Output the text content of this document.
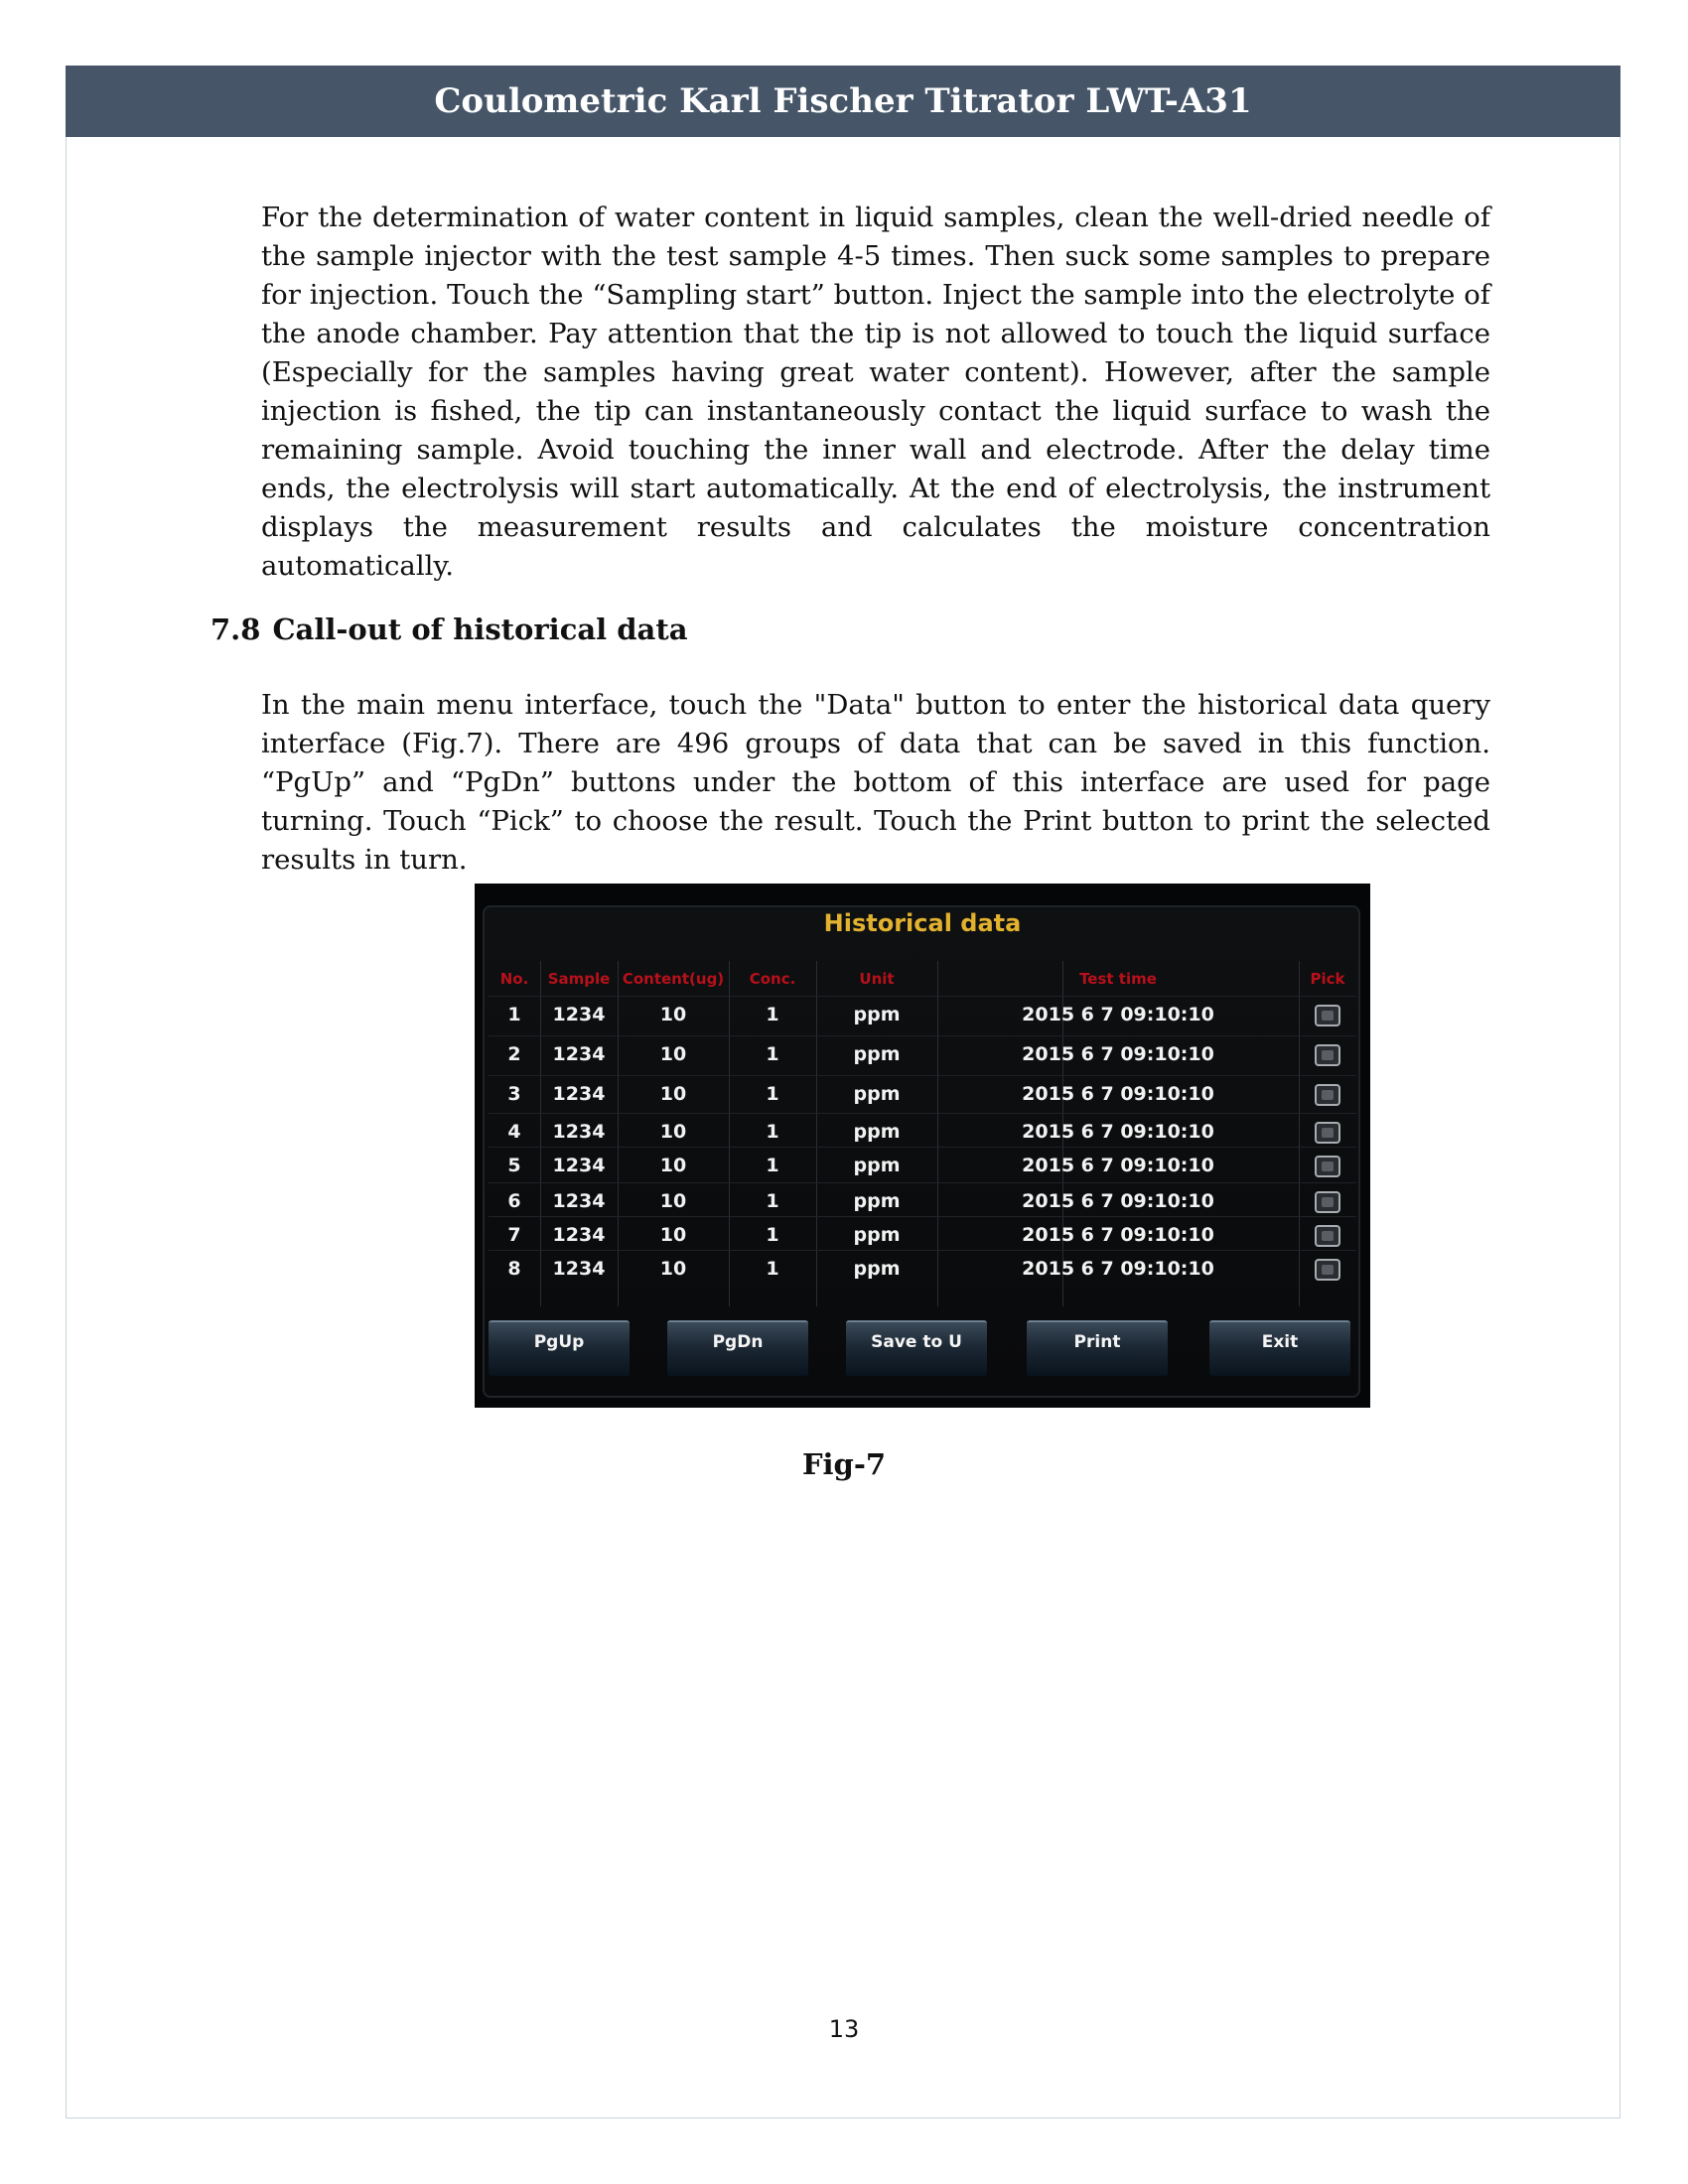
Coulometric Karl Fischer Titrator LWT-A31

For the determination of water content in liquid samples, clean the well-dried needle of the sample injector with the test sample 4-5 times. Then suck some samples to prepare for injection. Touch the “Sampling start” button. Inject the sample into the electrolyte of the anode chamber. Pay attention that the tip is not allowed to touch the liquid surface (Especially for the samples having great water content). However, after the sample injection is fished, the tip can instantaneously contact the liquid surface to wash the remaining sample. Avoid touching the inner wall and electrode. After the delay time ends, the electrolysis will start automatically. At the end of electrolysis, the instrument displays the measurement results and calculates the moisture concentration automatically.

7.8 Call-out of historical data

In the main menu interface, touch the "Data" button to enter the historical data query interface (Fig.7). There are 496 groups of data that can be saved in this function. “PgUp” and “PgDn” buttons under the bottom of this interface are used for page turning. Touch “Pick” to choose the result. Touch the Print button to print the selected results in turn.

Historical data
No.	Sample Content(ug)	Conc.	Unit	Test time	Pick
1	1234	10	1	ppm	2015 6 7 09:10:10
2	1234	10	1	ppm	2015 6 7 09:10:10
3	1234	10	1	ppm	2015 6 7 09:10:10
4	1234	10	1	ppm	2015 6 7 09:10:10
5	1234	10	1	ppm	2015 6 7 09:10:10
6	1234	10	1	ppm	2015 6 7 09:10:10
7	1234	10	1	ppm	2015 6 7 09:10:10
8	1234	10	1	ppm	2015 6 7 09:10:10
PgUp	PgDn	Save to U	Print	Exit

Fig-7

13
